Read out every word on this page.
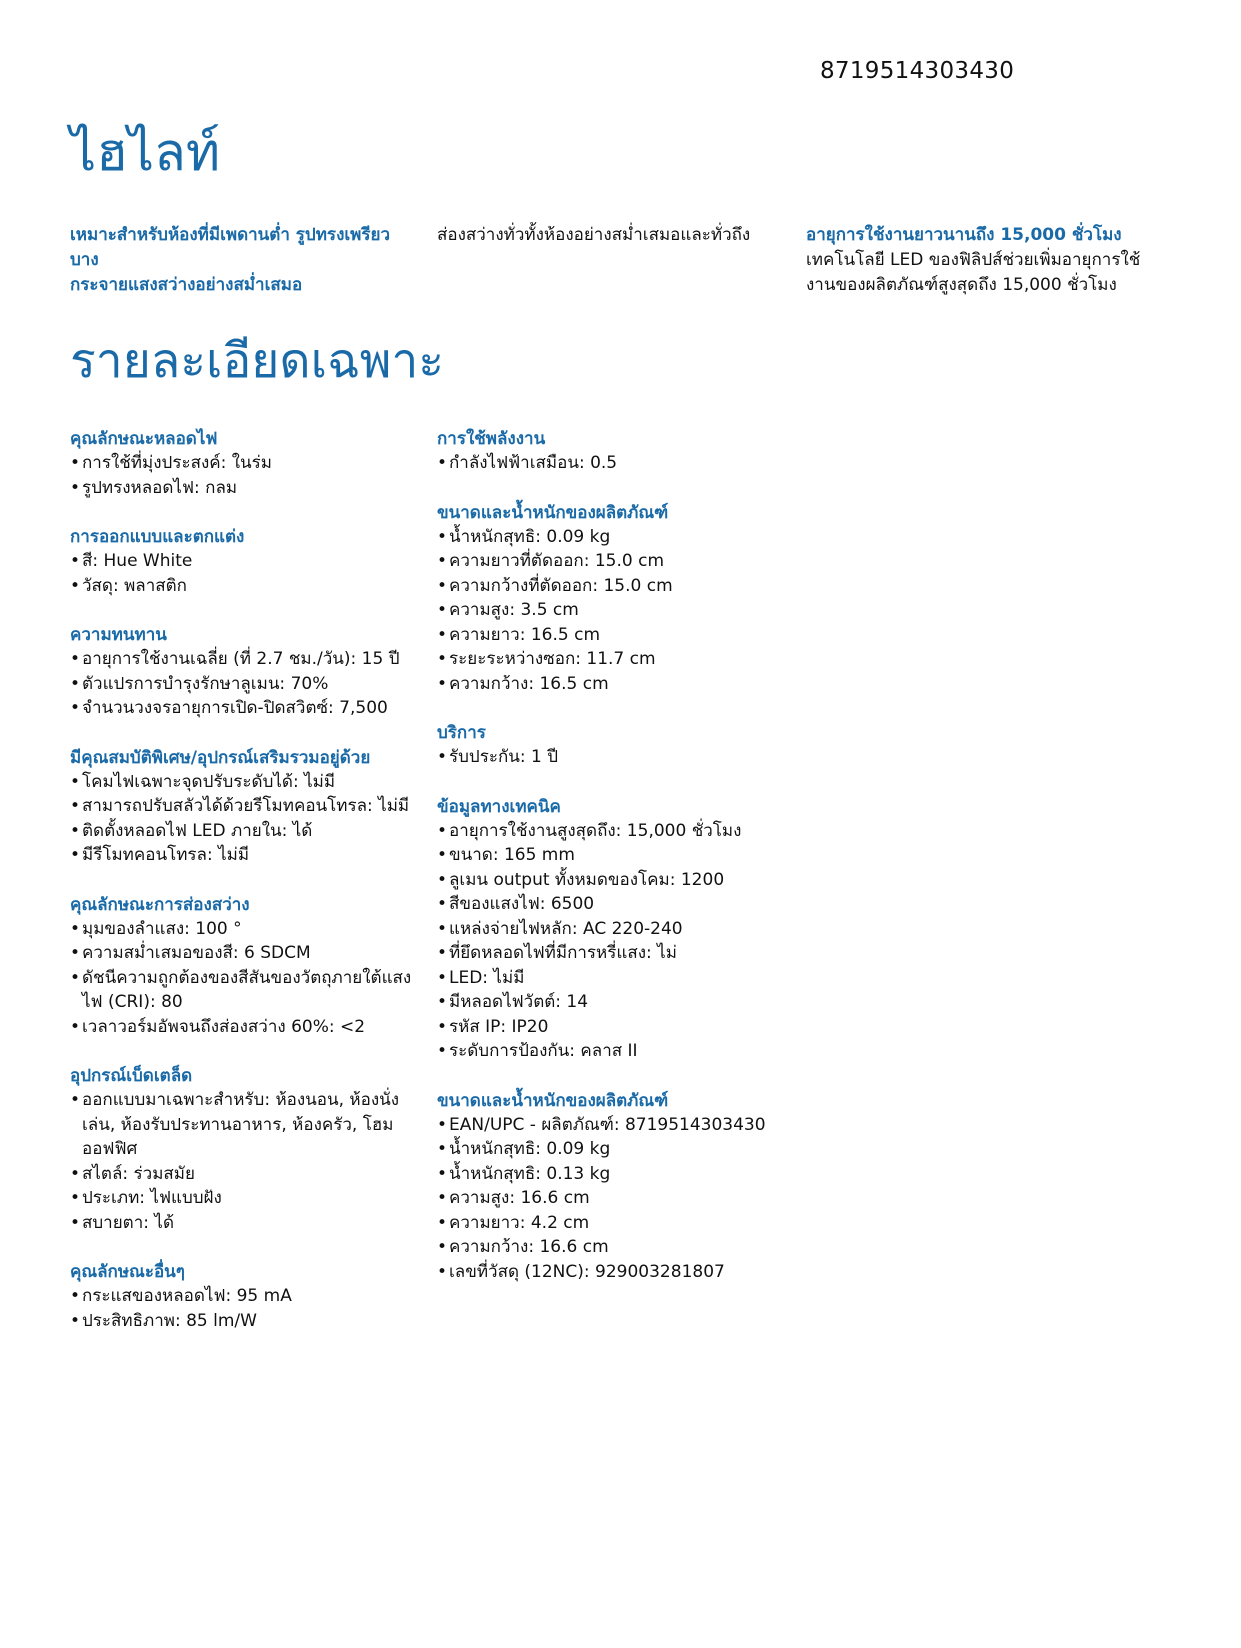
8719514303430
ไฮไลท์
เหมาะสำหรับห้องที่มีเพดานต่ำ รูปทรงเพรียวบาง
กระจายแสงสว่างอย่างสม่ำเสมอ
ส่องสว่างทั่วทั้งห้องอย่างสม่ำเสมอและทั่วถึง	อายุการใช้งานยาวนานถึง 15,000 ชั่วโมง
เทคโนโลยี LED ของฟิลิปส์ช่วยเพิ่มอายุการใช้งานของผลิตภัณฑ์สูงสุดถึง 15,000 ชั่วโมง
รายละเอียดเฉพาะ
คุณลักษณะหลอดไฟ
• การใช้ที่มุ่งประสงค์: ในร่ม
• รูปทรงหลอดไฟ: กลม
การออกแบบและตกแต่ง
• สี: Hue White
• วัสดุ: พลาสติก
ความทนทาน
• อายุการใช้งานเฉลี่ย (ที่ 2.7 ชม./วัน): 15 ปี
• ตัวแปรการบำรุงรักษาลูเมน: 70%
• จำนวนวงจรอายุการเปิด-ปิดสวิตซ์: 7,500
มีคุณสมบัติพิเศษ/อุปกรณ์เสริมรวมอยู่ด้วย
• โคมไฟเฉพาะจุดปรับระดับได้: ไม่มี
• สามารถปรับสลัวได้ด้วยรีโมทคอนโทรล: ไม่มี
• ติดตั้งหลอดไฟ LED ภายใน: ได้
• มีรีโมทคอนโทรล: ไม่มี
คุณลักษณะการส่องสว่าง
• มุมของลำแสง: 100 °
• ความสม่ำเสมอของสี: 6 SDCM
• ดัชนีความถูกต้องของสีสันของวัตถุภายใต้แสงไฟ (CRI): 80
• เวลาวอร์มอัพจนถึงส่องสว่าง 60%: <2
อุปกรณ์เบ็ดเตล็ด
• ออกแบบมาเฉพาะสำหรับ: ห้องนอน, ห้องนั่งเล่น, ห้องรับประทานอาหาร, ห้องครัว, โฮมออฟฟิศ
• สไตล์: ร่วมสมัย
• ประเภท: ไฟแบบฝัง
• สบายตา: ได้
คุณลักษณะอื่นๆ
• กระแสของหลอดไฟ: 95 mA
• ประสิทธิภาพ: 85 lm/W
การใช้พลังงาน
• กำลังไฟฟ้าเสมือน: 0.5
ขนาดและน้ำหนักของผลิตภัณฑ์
• น้ำหนักสุทธิ: 0.09 kg
• ความยาวที่ตัดออก: 15.0 cm
• ความกว้างที่ตัดออก: 15.0 cm
• ความสูง: 3.5 cm
• ความยาว: 16.5 cm
• ระยะระหว่างซอก: 11.7 cm
• ความกว้าง: 16.5 cm
บริการ
• รับประกัน: 1 ปี
ข้อมูลทางเทคนิค
• อายุการใช้งานสูงสุดถึง: 15,000 ชั่วโมง
• ขนาด: 165 mm
• ลูเมน output ทั้งหมดของโคม: 1200
• สีของแสงไฟ: 6500
• แหล่งจ่ายไฟหลัก: AC 220-240
• ที่ยึดหลอดไฟที่มีการหรี่แสง: ไม่
• LED: ไม่มี
• มีหลอดไฟวัตต์: 14
• รหัส IP: IP20
• ระดับการป้องกัน: คลาส II
ขนาดและน้ำหนักของผลิตภัณฑ์
• EAN/UPC - ผลิตภัณฑ์: 8719514303430
• น้ำหนักสุทธิ: 0.09 kg
• น้ำหนักสุทธิ: 0.13 kg
• ความสูง: 16.6 cm
• ความยาว: 4.2 cm
• ความกว้าง: 16.6 cm
• เลขที่วัสดุ (12NC): 929003281807
